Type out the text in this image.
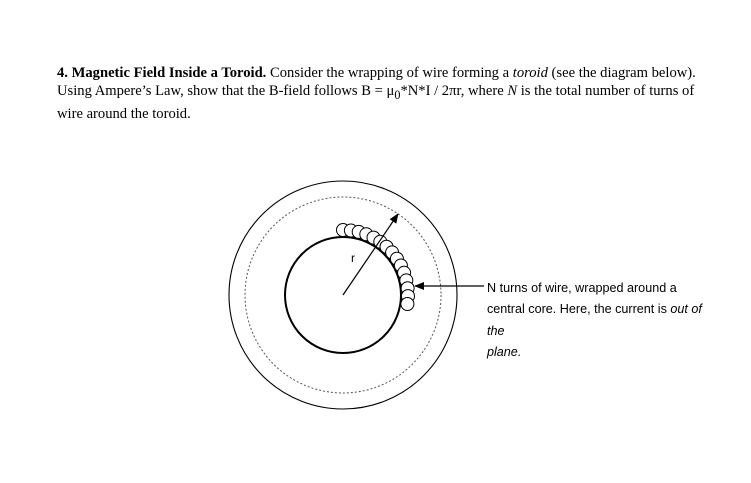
4. Magnetic Field Inside a Toroid. Consider the wrapping of wire forming a toroid (see the diagram below). Using Ampere’s Law, show that the B-field follows $B = \mu_0*N*I / 2\pi r$, where N is the total number of turns of wire around the toroid.
r
N turns of wire, wrapped around a central core. Here, the current is out of the
plane.
